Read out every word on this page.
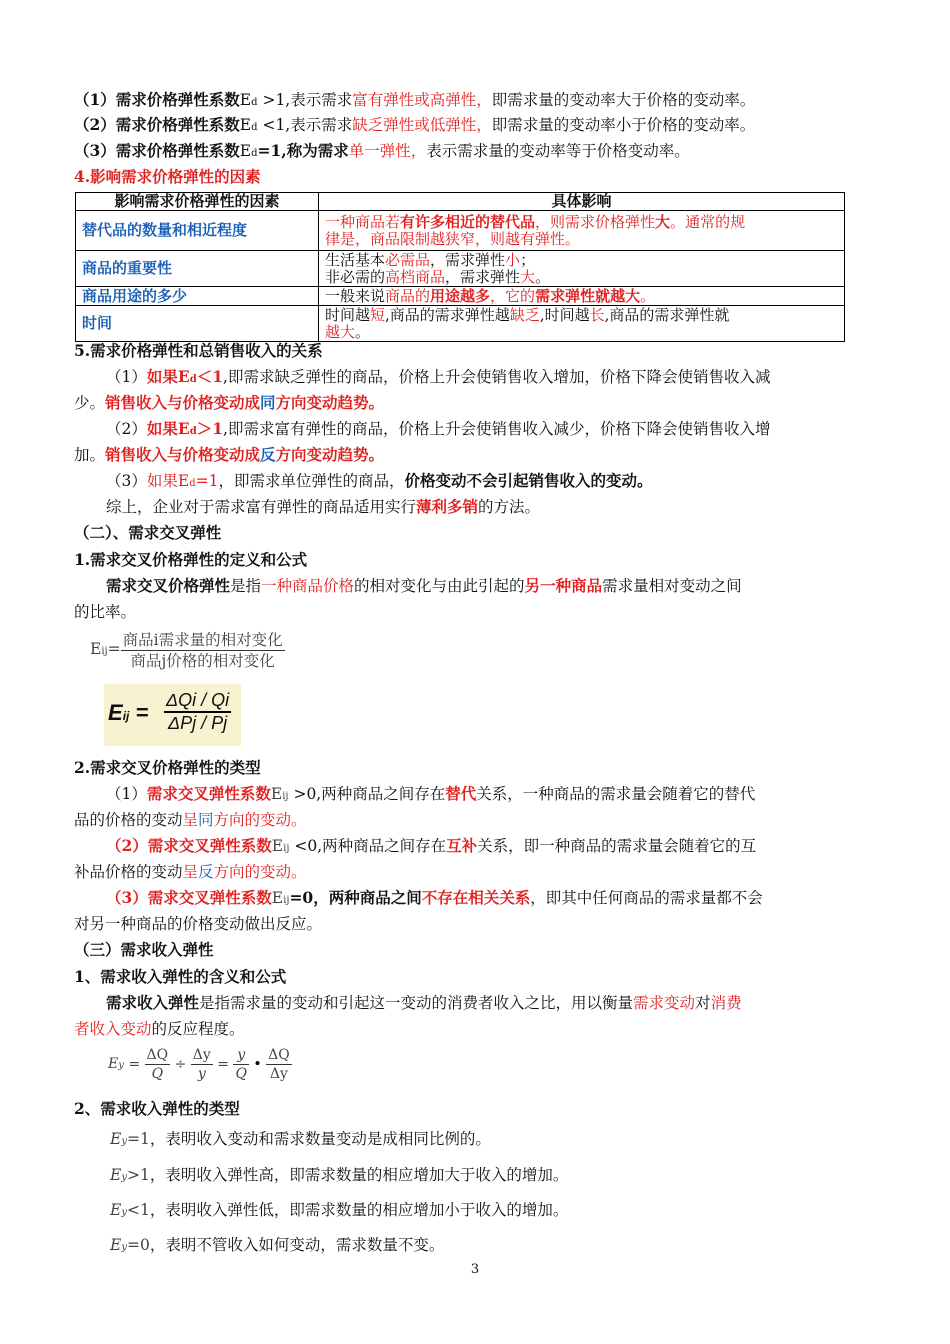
（1）需求价格弹性系数Ed >1,表示需求富有弹性或高弹性，即需求量的变动率大于价格的变动率。
（2）需求价格弹性系数Ed <1,表示需求缺乏弹性或低弹性，即需求量的变动率小于价格的变动率。
（3）需求价格弹性系数Ed=1,称为需求单一弹性，表示需求量的变动率等于价格变动率。
4.影响需求价格弹性的因素
影响需求价格弹性的因素	具体影响
替代品的数量和相近程度	一种商品若有许多相近的替代品，则需求价格弹性大。通常的规
律是，商品限制越狭窄，则越有弹性。
商品的重要性	生活基本必需品，需求弹性小；
非必需的高档商品，需求弹性大。
商品用途的多少	一般来说商品的用途越多，它的需求弹性就越大。
时间	时间越短,商品的需求弹性越缺乏,时间越长,商品的需求弹性就
越大。
5.需求价格弹性和总销售收入的关系
（1）如果Ed＜1,即需求缺乏弹性的商品，价格上升会使销售收入增加，价格下降会使销售收入减
少。销售收入与价格变动成同方向变动趋势。
（2）如果Ed＞1,即需求富有弹性的商品，价格上升会使销售收入减少，价格下降会使销售收入增
加。销售收入与价格变动成反方向变动趋势。
（3）如果Ed=1，即需求单位弹性的商品，价格变动不会引起销售收入的变动。
综上，企业对于需求富有弹性的商品适用实行薄利多销的方法。
（二）、需求交叉弹性
1.需求交叉价格弹性的定义和公式
需求交叉价格弹性是指一种商品价格的相对变化与由此引起的另一种商品需求量相对变动之间
的比率。
$Eij= \frac{\text{商品i需求量的相对变化}}{\text{商品j价格的相对变化}}$
Eij = ΔQi / Qi
ΔPj / Pj
2.需求交叉价格弹性的类型
（1）需求交叉弹性系数Eij >0,两种商品之间存在替代关系，一种商品的需求量会随着它的替代
品的价格的变动呈同方向的变动。
（2）需求交叉弹性系数Eij <0,两种商品之间存在互补关系，即一种商品的需求量会随着它的互
补品价格的变动呈反方向的变动。
（3）需求交叉弹性系数Eij=0，两种商品之间不存在相关关系，即其中任何商品的需求量都不会
对另一种商品的价格变动做出反应。
（三）需求收入弹性
1、需求收入弹性的含义和公式
需求收入弹性是指需求量的变动和引起这一变动的消费者收入之比，用以衡量需求变动对消费
者收入变动的反应程度。
$Ey = \frac{\Delta Q}{Q} \div \frac{\Delta y}{y} = \frac{y}{Q}$ • $\frac{\Delta Q}{\Delta y}$
2、需求收入弹性的类型
Ey=1，表明收入变动和需求数量变动是成相同比例的。
Ey>1，表明收入弹性高，即需求数量的相应增加大于收入的增加。
Ey<1，表明收入弹性低，即需求数量的相应增加小于收入的增加。
Ey=0，表明不管收入如何变动，需求数量不变。
3
